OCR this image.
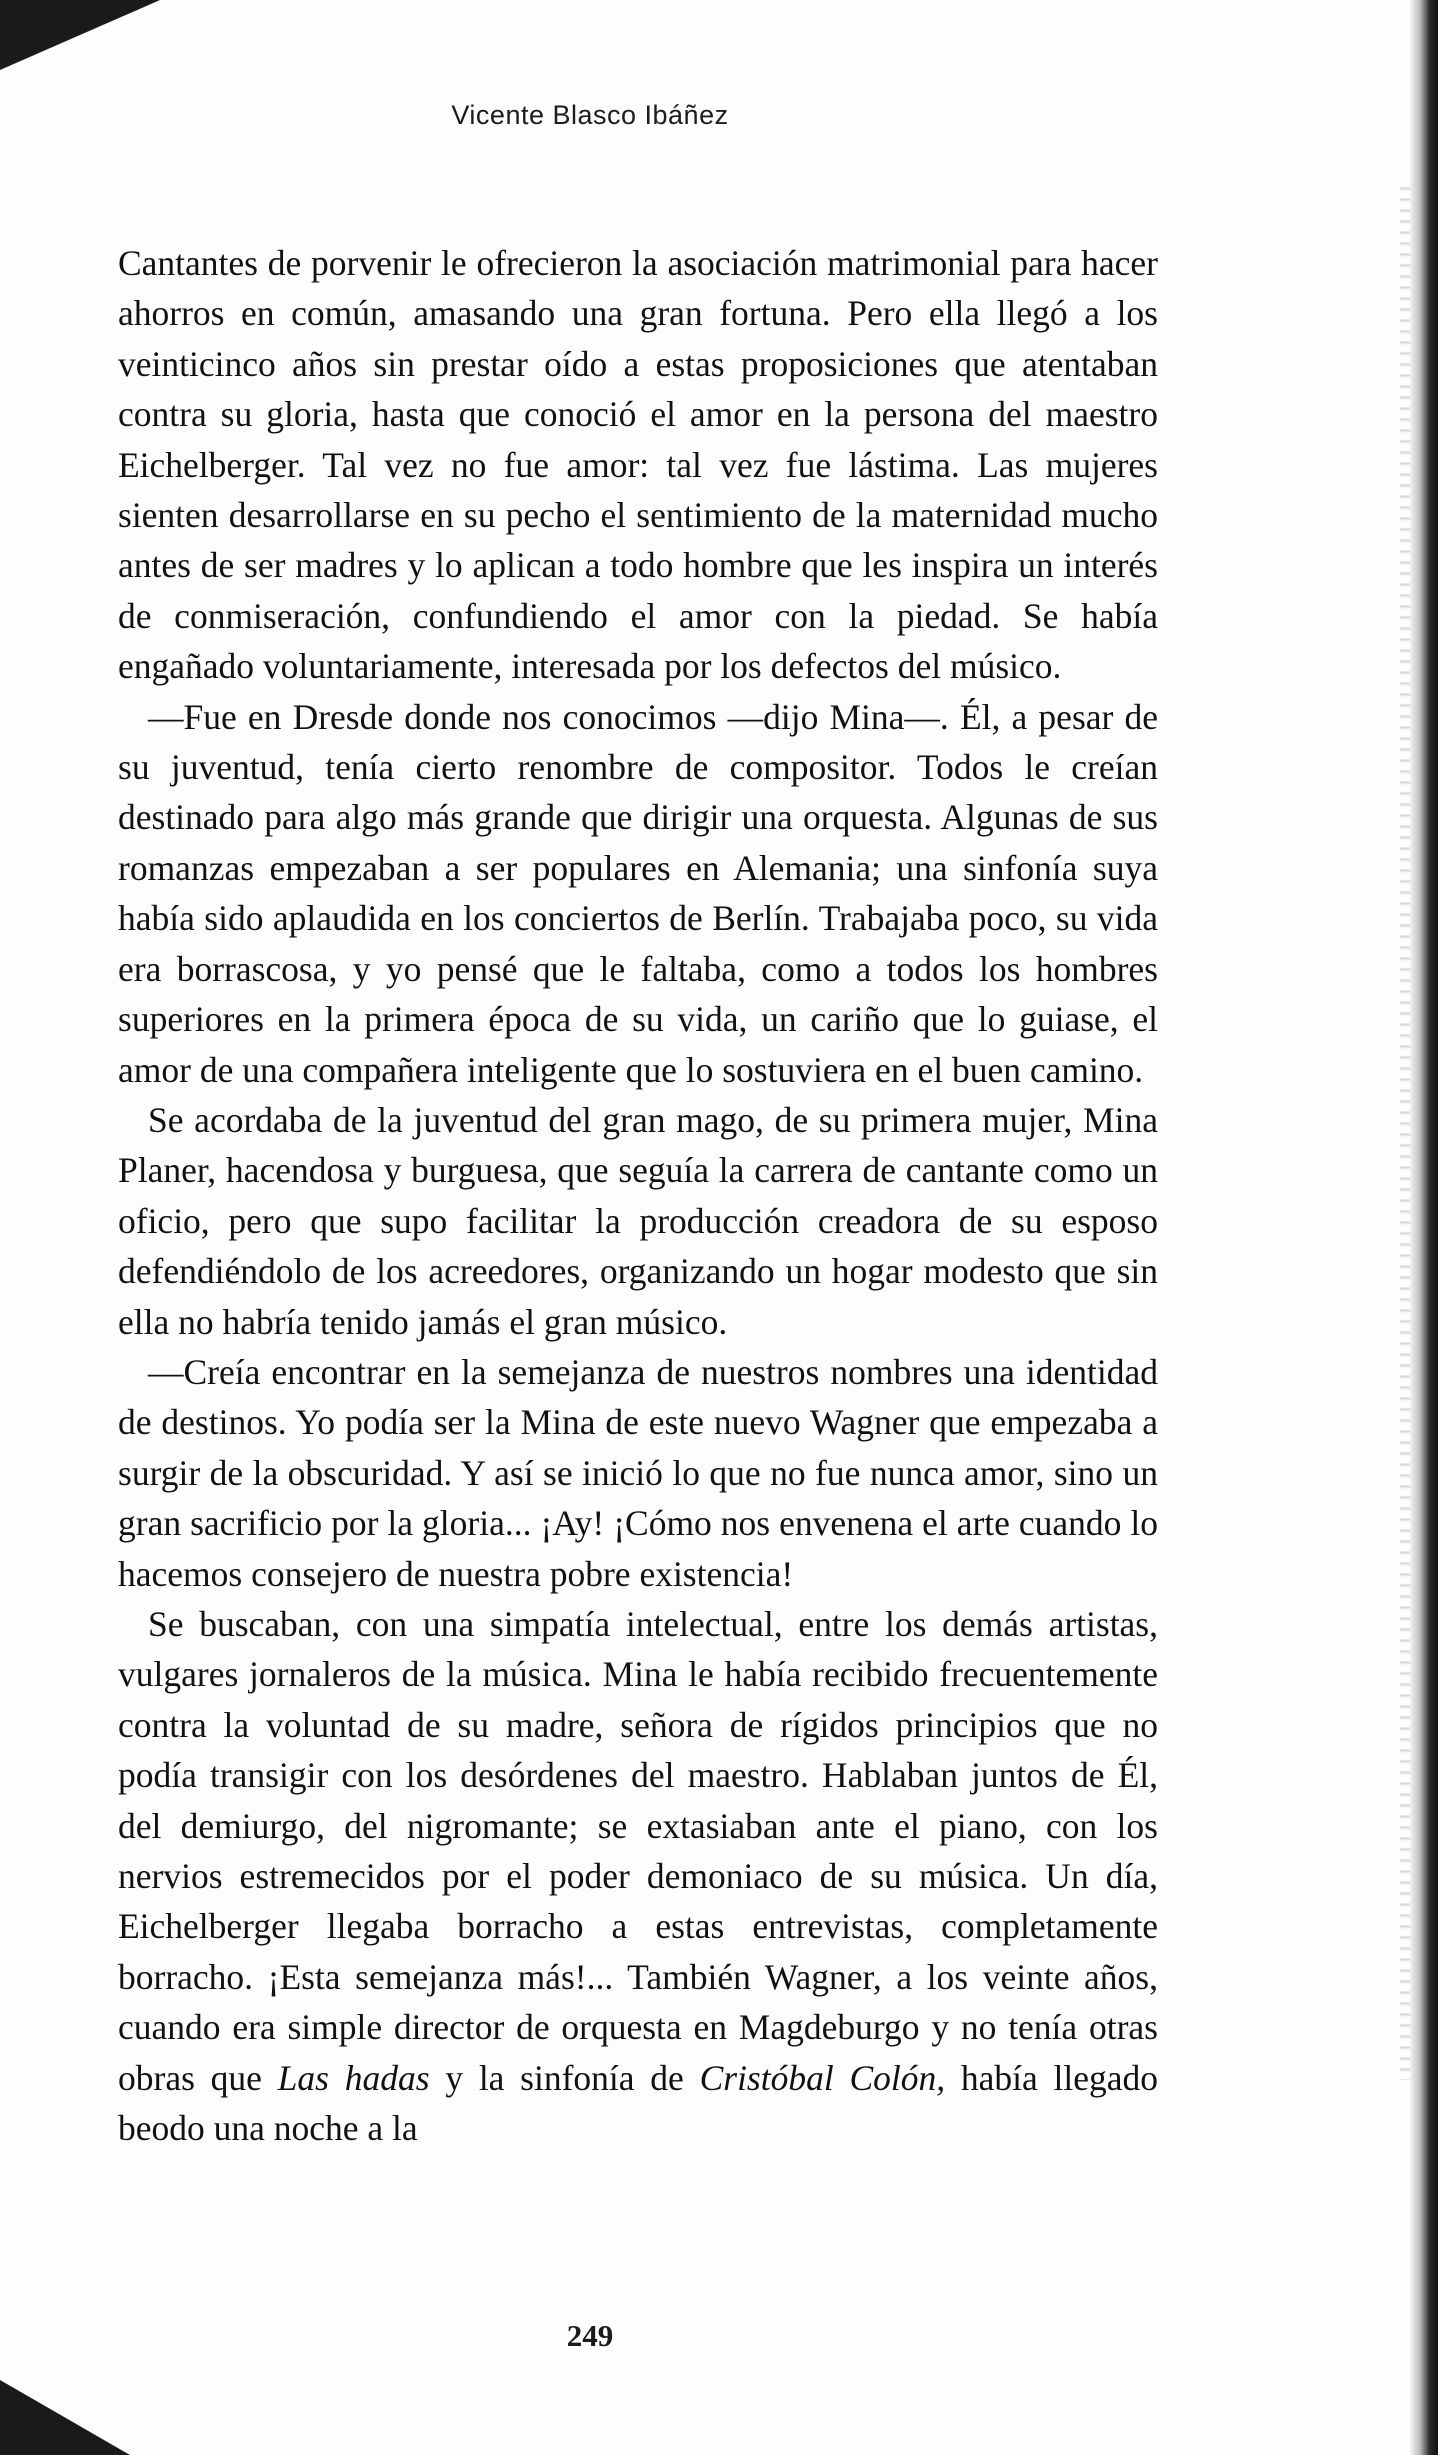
Vicente Blasco Ibáñez

Cantantes de porvenir le ofrecieron la asociación matrimonial para hacer ahorros en común, amasando una gran fortuna. Pero ella llegó a los veinticinco años sin prestar oído a estas proposiciones que atentaban contra su gloria, hasta que conoció el amor en la persona del maestro Eichelberger. Tal vez no fue amor: tal vez fue lástima. Las mujeres sienten desarrollarse en su pecho el sentimiento de la maternidad mucho antes de ser madres y lo aplican a todo hombre que les inspira un interés de conmiseración, confundiendo el amor con la piedad. Se había engañado voluntariamente, interesada por los defectos del músico.

—Fue en Dresde donde nos conocimos —dijo Mina—. Él, a pesar de su juventud, tenía cierto renombre de compositor. Todos le creían destinado para algo más grande que dirigir una orquesta. Algunas de sus romanzas empezaban a ser populares en Alemania; una sinfonía suya había sido aplaudida en los conciertos de Berlín. Trabajaba poco, su vida era borrascosa, y yo pensé que le faltaba, como a todos los hombres superiores en la primera época de su vida, un cariño que lo guiase, el amor de una compañera inteligente que lo sostuviera en el buen camino.

Se acordaba de la juventud del gran mago, de su primera mujer, Mina Planer, hacendosa y burguesa, que seguía la carrera de cantante como un oficio, pero que supo facilitar la producción creadora de su esposo defendiéndolo de los acreedores, organizando un hogar modesto que sin ella no habría tenido jamás el gran músico.

—Creía encontrar en la semejanza de nuestros nombres una identidad de destinos. Yo podía ser la Mina de este nuevo Wagner que empezaba a surgir de la obscuridad. Y así se inició lo que no fue nunca amor, sino un gran sacrificio por la gloria... ¡Ay! ¡Cómo nos envenena el arte cuando lo hacemos consejero de nuestra pobre existencia!

Se buscaban, con una simpatía intelectual, entre los demás artistas, vulgares jornaleros de la música. Mina le había recibido frecuentemente contra la voluntad de su madre, señora de rígidos principios que no podía transigir con los desórdenes del maestro. Hablaban juntos de Él, del demiurgo, del nigromante; se extasiaban ante el piano, con los nervios estremecidos por el poder demoniaco de su música. Un día, Eichelberger llegaba borracho a estas entrevistas, completamente borracho. ¡Esta semejanza más!... También Wagner, a los veinte años, cuando era simple director de orquesta en Magdeburgo y no tenía otras obras que Las hadas y la sinfonía de Cristóbal Colón, había llegado beodo una noche a la

249
